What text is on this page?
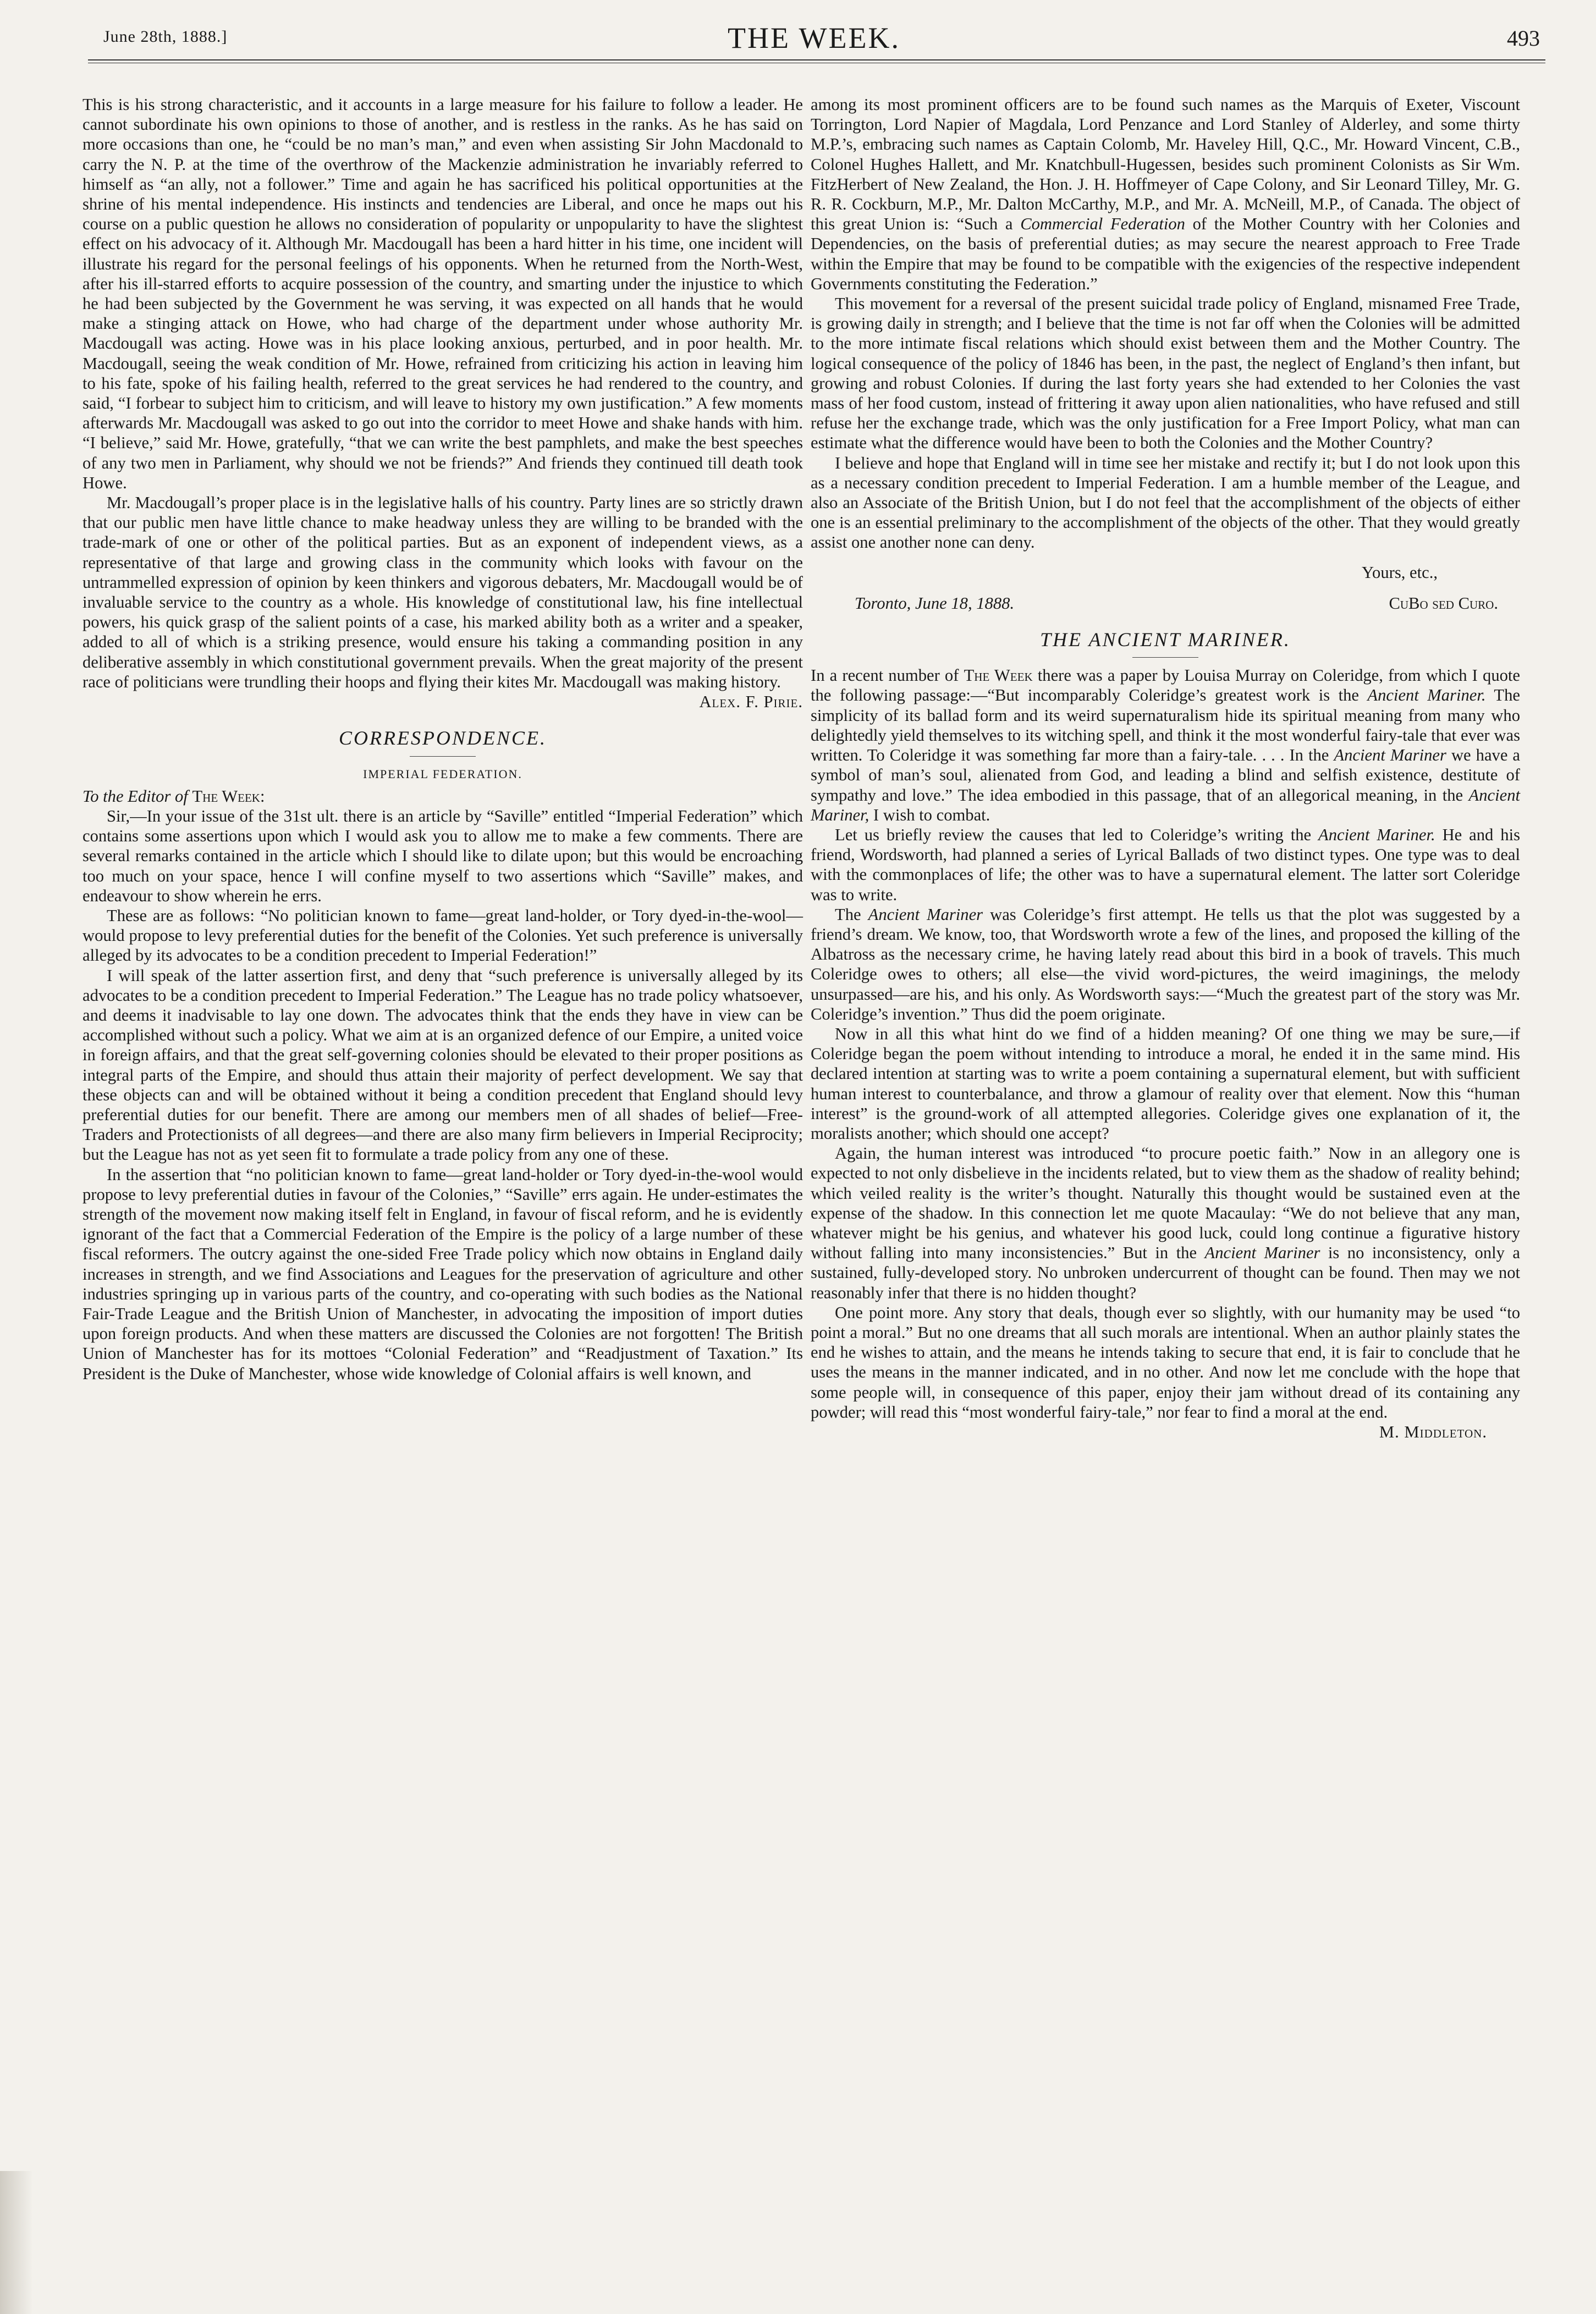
June 28th, 1888.]	THE WEEK.	493

This is his strong characteristic, and it accounts in a large measure for his failure to follow a leader. He cannot subordinate his own opinions to those of another, and is restless in the ranks. As he has said on more occasions than one, he “could be no man’s man,” and even when assisting Sir John Macdonald to carry the N. P. at the time of the overthrow of the Mackenzie administration he invariably referred to himself as “an ally, not a follower.” Time and again he has sacrificed his political opportunities at the shrine of his mental independence. His instincts and tendencies are Liberal, and once he maps out his course on a public question he allows no consideration of popularity or unpopularity to have the slightest effect on his advocacy of it. Although Mr. Macdougall has been a hard hitter in his time, one incident will illustrate his regard for the personal feelings of his opponents. When he returned from the North-West, after his ill-starred efforts to acquire possession of the country, and smarting under the injustice to which he had been subjected by the Government he was serving, it was expected on all hands that he would make a stinging attack on Howe, who had charge of the department under whose authority Mr. Macdougall was acting. Howe was in his place looking anxious, perturbed, and in poor health. Mr. Macdougall, seeing the weak condition of Mr. Howe, refrained from criticizing his action in leaving him to his fate, spoke of his failing health, referred to the great services he had rendered to the country, and said, “I forbear to subject him to criticism, and will leave to history my own justification.” A few moments afterwards Mr. Macdougall was asked to go out into the corridor to meet Howe and shake hands with him. “I believe,” said Mr. Howe, gratefully, “that we can write the best pamphlets, and make the best speeches of any two men in Parliament, why should we not be friends?” And friends they continued till death took Howe.

Mr. Macdougall’s proper place is in the legislative halls of his country. Party lines are so strictly drawn that our public men have little chance to make headway unless they are willing to be branded with the trade-mark of one or other of the political parties. But as an exponent of independent views, as a representative of that large and growing class in the community which looks with favour on the untrammelled expression of opinion by keen thinkers and vigorous debaters, Mr. Macdougall would be of invaluable service to the country as a whole. His knowledge of constitutional law, his fine intellectual powers, his quick grasp of the salient points of a case, his marked ability both as a writer and a speaker, added to all of which is a striking presence, would ensure his taking a commanding position in any deliberative assembly in which constitutional government prevails. When the great majority of the present race of politicians were trundling their hoops and flying their kites Mr. Macdougall was making history.

Alex. F. Pirie.

CORRESPONDENCE.
IMPERIAL FEDERATION.

To the Editor of The Week:

Sir,—In your issue of the 31st ult. there is an article by “Saville” entitled “Imperial Federation” which contains some assertions upon which I would ask you to allow me to make a few comments. There are several remarks contained in the article which I should like to dilate upon; but this would be encroaching too much on your space, hence I will confine myself to two assertions which “Saville” makes, and endeavour to show wherein he errs.

These are as follows: “No politician known to fame—great land-holder, or Tory dyed-in-the-wool—would propose to levy preferential duties for the benefit of the Colonies. Yet such preference is universally alleged by its advocates to be a condition precedent to Imperial Federation!”

I will speak of the latter assertion first, and deny that “such preference is universally alleged by its advocates to be a condition precedent to Imperial Federation.” The League has no trade policy whatsoever, and deems it inadvisable to lay one down. The advocates think that the ends they have in view can be accomplished without such a policy. What we aim at is an organized defence of our Empire, a united voice in foreign affairs, and that the great self-governing colonies should be elevated to their proper positions as integral parts of the Empire, and should thus attain their majority of perfect development. We say that these objects can and will be obtained without it being a condition precedent that England should levy preferential duties for our benefit. There are among our members men of all shades of belief—Free-Traders and Protectionists of all degrees—and there are also many firm believers in Imperial Reciprocity; but the League has not as yet seen fit to formulate a trade policy from any one of these.

In the assertion that “no politician known to fame—great land-holder or Tory dyed-in-the-wool would propose to levy preferential duties in favour of the Colonies,” “Saville” errs again. He under-estimates the strength of the movement now making itself felt in England, in favour of fiscal reform, and he is evidently ignorant of the fact that a Commercial Federation of the Empire is the policy of a large number of these fiscal reformers. The outcry against the one-sided Free Trade policy which now obtains in England daily increases in strength, and we find Associations and Leagues for the preservation of agriculture and other industries springing up in various parts of the country, and co-operating with such bodies as the National Fair-Trade League and the British Union of Manchester, in advocating the imposition of import duties upon foreign products. And when these matters are discussed the Colonies are not forgotten! The British Union of Manchester has for its mottoes “Colonial Federation” and “Readjustment of Taxation.” Its President is the Duke of Manchester, whose wide knowledge of Colonial affairs is well known, and

among its most prominent officers are to be found such names as the Marquis of Exeter, Viscount Torrington, Lord Napier of Magdala, Lord Penzance and Lord Stanley of Alderley, and some thirty M.P.’s, embracing such names as Captain Colomb, Mr. Haveley Hill, Q.C., Mr. Howard Vincent, C.B., Colonel Hughes Hallett, and Mr. Knatchbull-Hugessen, besides such prominent Colonists as Sir Wm. FitzHerbert of New Zealand, the Hon. J. H. Hoffmeyer of Cape Colony, and Sir Leonard Tilley, Mr. G. R. R. Cockburn, M.P., Mr. Dalton McCarthy, M.P., and Mr. A. McNeill, M.P., of Canada. The object of this great Union is: “Such a Commercial Federation of the Mother Country with her Colonies and Dependencies, on the basis of preferential duties; as may secure the nearest approach to Free Trade within the Empire that may be found to be compatible with the exigencies of the respective independent Governments constituting the Federation.”

This movement for a reversal of the present suicidal trade policy of England, misnamed Free Trade, is growing daily in strength; and I believe that the time is not far off when the Colonies will be admitted to the more intimate fiscal relations which should exist between them and the Mother Country. The logical consequence of the policy of 1846 has been, in the past, the neglect of England’s then infant, but growing and robust Colonies. If during the last forty years she had extended to her Colonies the vast mass of her food custom, instead of frittering it away upon alien nationalities, who have refused and still refuse her the exchange trade, which was the only justification for a Free Import Policy, what man can estimate what the difference would have been to both the Colonies and the Mother Country?

I believe and hope that England will in time see her mistake and rectify it; but I do not look upon this as a necessary condition precedent to Imperial Federation. I am a humble member of the League, and also an Associate of the British Union, but I do not feel that the accomplishment of the objects of either one is an essential preliminary to the accomplishment of the objects of the other. That they would greatly assist one another none can deny.

Yours, etc.,

Toronto, June 18, 1888.	CuBo sed Curo.
THE ANCIENT MARINER.

In a recent number of The Week there was a paper by Louisa Murray on Coleridge, from which I quote the following passage:—“But incomparably Coleridge’s greatest work is the Ancient Mariner. The simplicity of its ballad form and its weird supernaturalism hide its spiritual meaning from many who delightedly yield themselves to its witching spell, and think it the most wonderful fairy-tale that ever was written. To Coleridge it was something far more than a fairy-tale. . . . In the Ancient Mariner we have a symbol of man’s soul, alienated from God, and leading a blind and selfish existence, destitute of sympathy and love.” The idea embodied in this passage, that of an allegorical meaning, in the Ancient Mariner, I wish to combat.

Let us briefly review the causes that led to Coleridge’s writing the Ancient Mariner. He and his friend, Wordsworth, had planned a series of Lyrical Ballads of two distinct types. One type was to deal with the commonplaces of life; the other was to have a supernatural element. The latter sort Coleridge was to write.

The Ancient Mariner was Coleridge’s first attempt. He tells us that the plot was suggested by a friend’s dream. We know, too, that Wordsworth wrote a few of the lines, and proposed the killing of the Albatross as the necessary crime, he having lately read about this bird in a book of travels. This much Coleridge owes to others; all else—the vivid word-pictures, the weird imaginings, the melody unsurpassed—are his, and his only. As Wordsworth says:—“Much the greatest part of the story was Mr. Coleridge’s invention.” Thus did the poem originate.

Now in all this what hint do we find of a hidden meaning? Of one thing we may be sure,—if Coleridge began the poem without intending to introduce a moral, he ended it in the same mind. His declared intention at starting was to write a poem containing a supernatural element, but with sufficient human interest to counterbalance, and throw a glamour of reality over that element. Now this “human interest” is the ground-work of all attempted allegories. Coleridge gives one explanation of it, the moralists another; which should one accept?

Again, the human interest was introduced “to procure poetic faith.” Now in an allegory one is expected to not only disbelieve in the incidents related, but to view them as the shadow of reality behind; which veiled reality is the writer’s thought. Naturally this thought would be sustained even at the expense of the shadow. In this connection let me quote Macaulay: “We do not believe that any man, whatever might be his genius, and whatever his good luck, could long continue a figurative history without falling into many inconsistencies.” But in the Ancient Mariner is no inconsistency, only a sustained, fully-developed story. No unbroken undercurrent of thought can be found. Then may we not reasonably infer that there is no hidden thought?

One point more. Any story that deals, though ever so slightly, with our humanity may be used “to point a moral.” But no one dreams that all such morals are intentional. When an author plainly states the end he wishes to attain, and the means he intends taking to secure that end, it is fair to conclude that he uses the means in the manner indicated, and in no other. And now let me conclude with the hope that some people will, in consequence of this paper, enjoy their jam without dread of its containing any powder; will read this “most wonderful fairy-tale,” nor fear to find a moral at the end.

M. Middleton.
